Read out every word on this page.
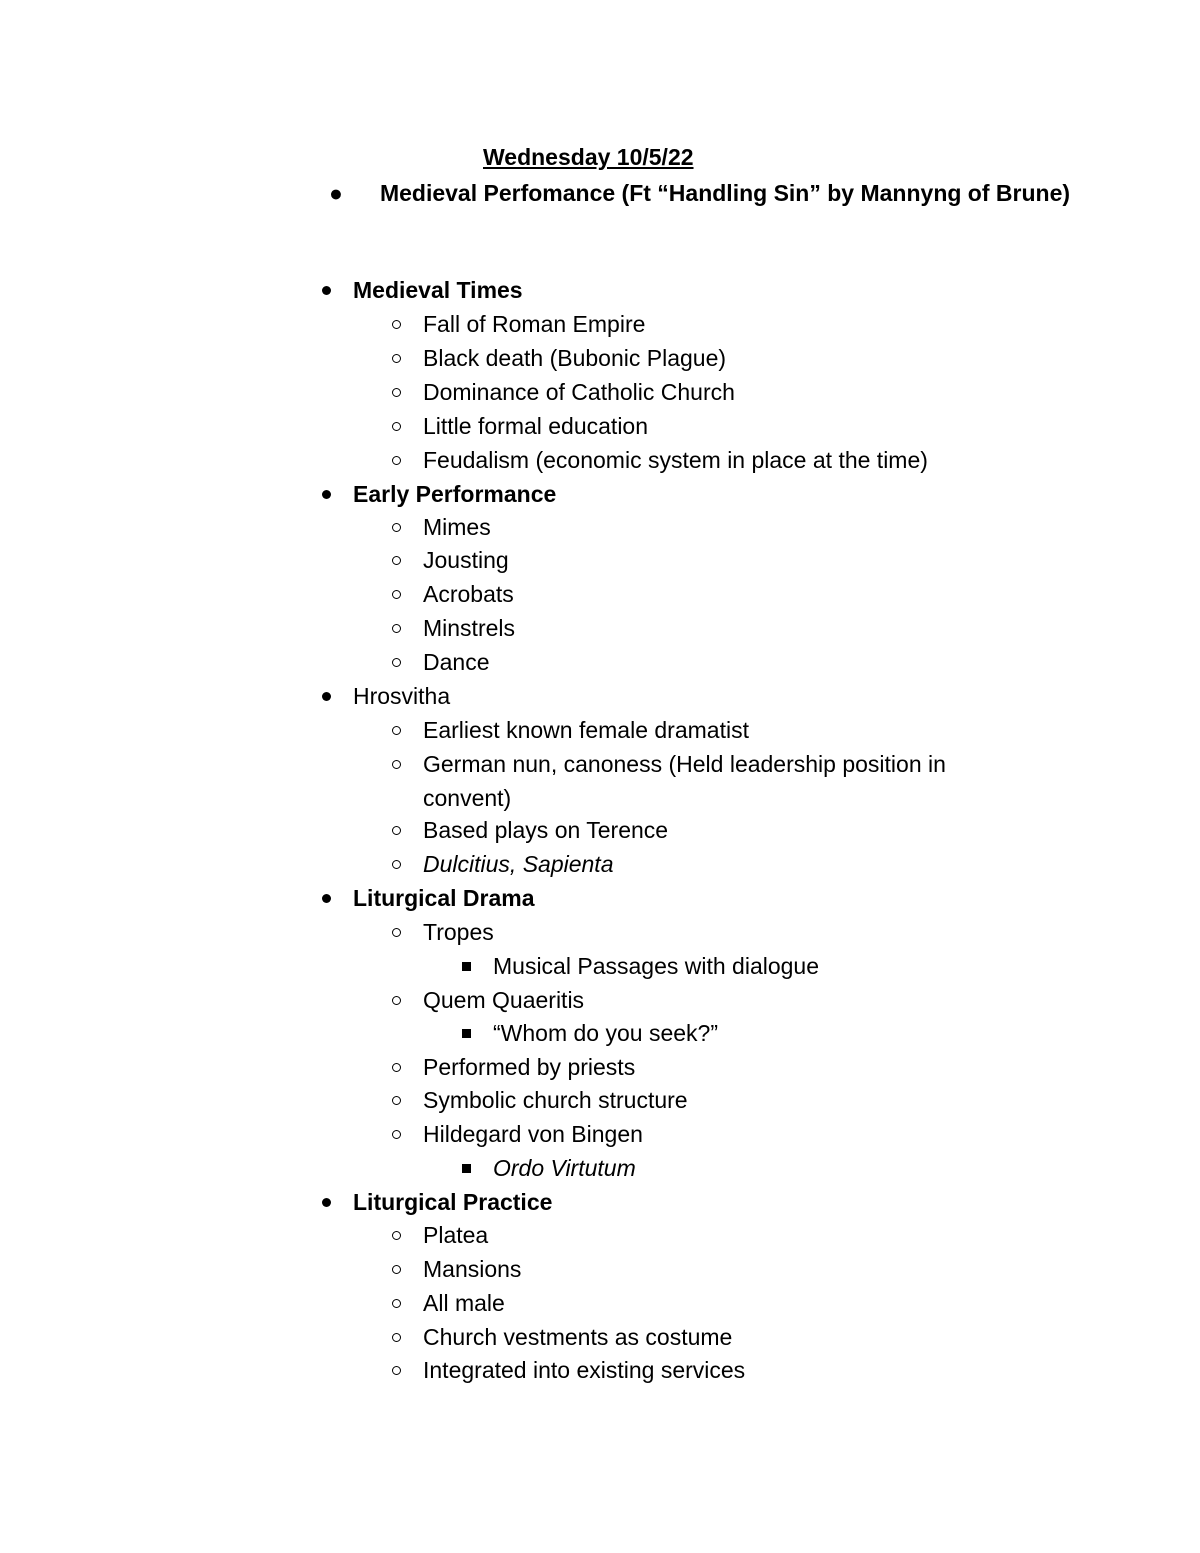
Wednesday 10/5/22
●	Medieval Perfomance (Ft “Handling Sin” by Mannyng of Brune)
Medieval Times
Fall of Roman Empire
Black death (Bubonic Plague)
Dominance of Catholic Church
Little formal education
Feudalism (economic system in place at the time)
Early Performance
Mimes
Jousting
Acrobats
Minstrels
Dance
Hrosvitha
Earliest known female dramatist
German nun, canoness (Held leadership position in convent)
Based plays on Terence
Dulcitius, Sapienta
Liturgical Drama
Tropes
Musical Passages with dialogue
Quem Quaeritis
“Whom do you seek?”
Performed by priests
Symbolic church structure
Hildegard von Bingen
Ordo Virtutum
Liturgical Practice
Platea
Mansions
All male
Church vestments as costume
Integrated into existing services
